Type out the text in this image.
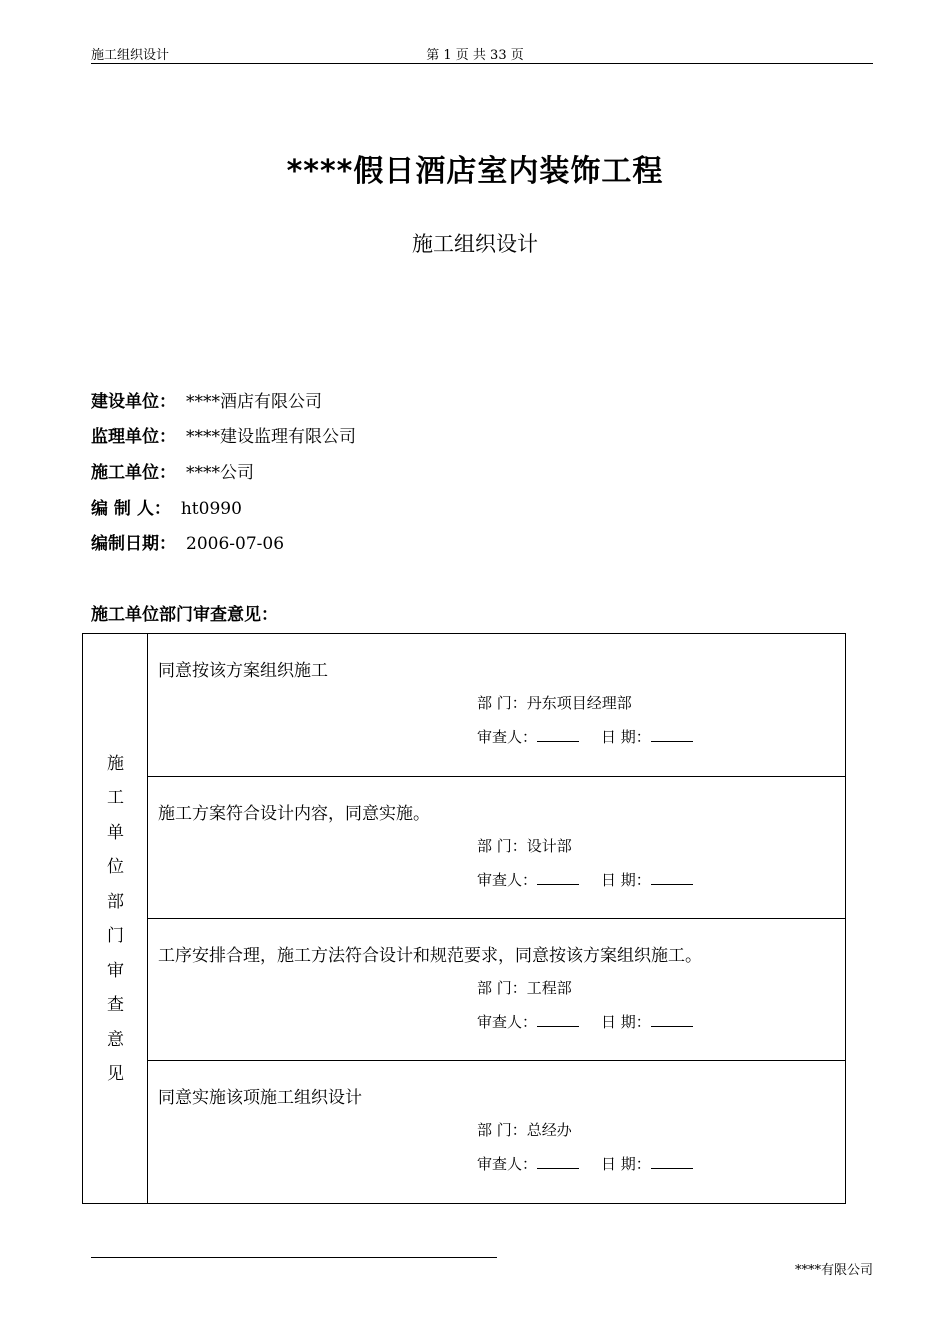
施工组织设计	第 1 页 共 33 页
****假日酒店室内装饰工程
施工组织设计
建设单位： ****酒店有限公司
监理单位： ****建设监理有限公司
施工单位： ****公司
编 制 人： ht0990
编制日期： 2006-07-06
施工单位部门审查意见：
施
工
单
位
部
门
审
查
意
见
同意按该方案组织施工
部 门：丹东项目经理部
审查人：	日 期：
施工方案符合设计内容，同意实施。
部 门：设计部
审查人：	日 期：
工序安排合理，施工方法符合设计和规范要求，同意按该方案组织施工。
部 门：工程部
审查人：	日 期：
同意实施该项施工组织设计
部 门：总经办
审查人：	日 期：
****有限公司
